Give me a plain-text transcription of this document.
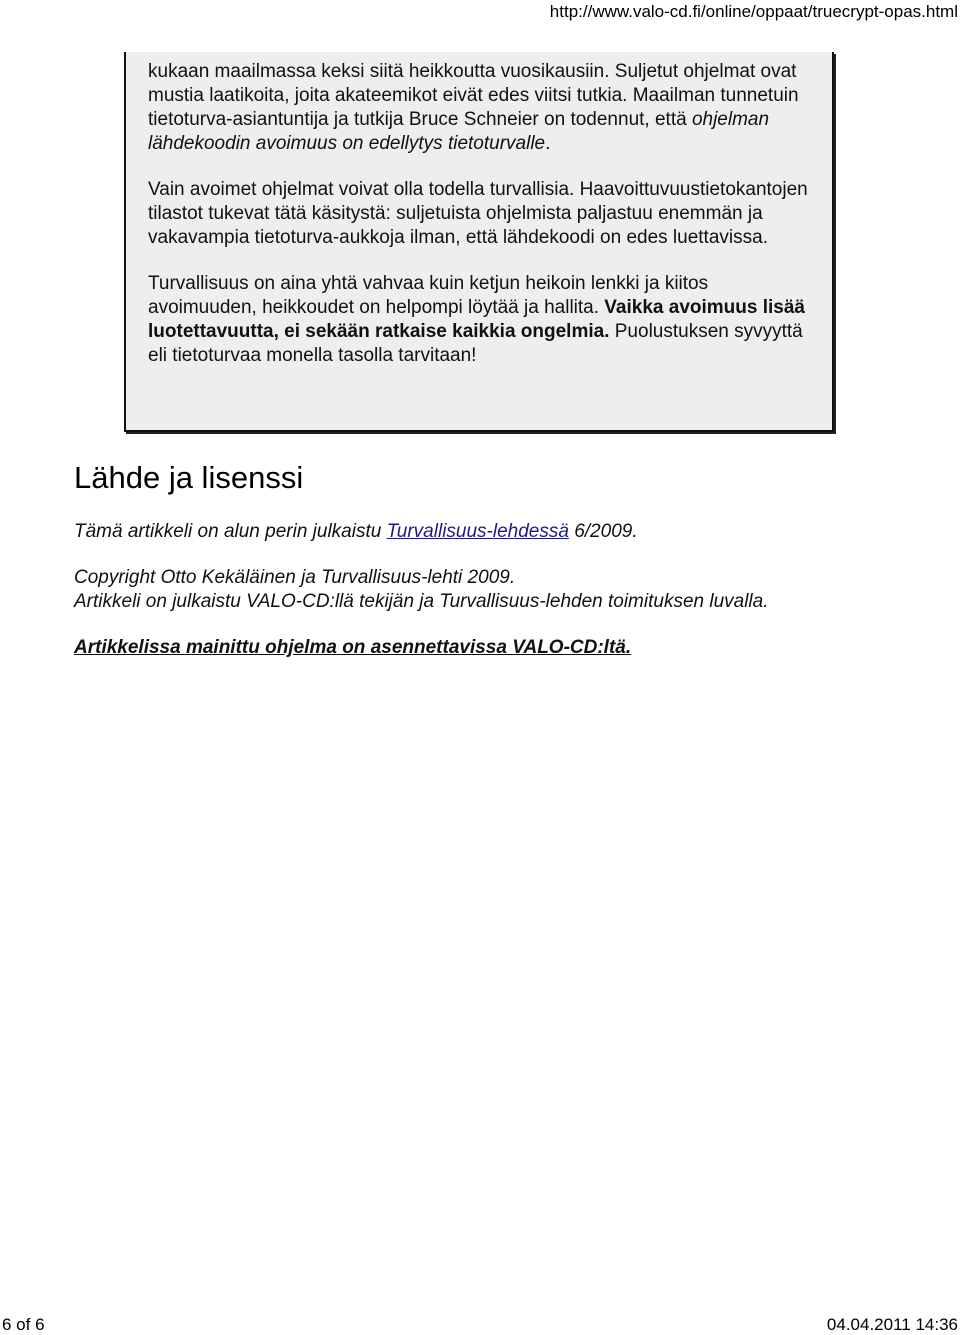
http://www.valo-cd.fi/online/oppaat/truecrypt-opas.html

kukaan maailmassa keksi siitä heikkoutta vuosikausiin. Suljetut ohjelmat ovat mustia laatikoita, joita akateemikot eivät edes viitsi tutkia. Maailman tunnetuin tietoturva-asiantuntija ja tutkija Bruce Schneier on todennut, että ohjelman lähdekoodin avoimuus on edellytys tietoturvalle.

Vain avoimet ohjelmat voivat olla todella turvallisia. Haavoittuvuustietokantojen tilastot tukevat tätä käsitystä: suljetuista ohjelmista paljastuu enemmän ja vakavampia tietoturva-aukkoja ilman, että lähdekoodi on edes luettavissa.

Turvallisuus on aina yhtä vahvaa kuin ketjun heikoin lenkki ja kiitos avoimuuden, heikkoudet on helpompi löytää ja hallita. Vaikka avoimuus lisää luotettavuutta, ei sekään ratkaise kaikkia ongelmia. Puolustuksen syvyyttä eli tietoturvaa monella tasolla tarvitaan!

Lähde ja lisenssi

Tämä artikkeli on alun perin julkaistu Turvallisuus-lehdessä 6/2009.

Copyright Otto Kekäläinen ja Turvallisuus-lehti 2009.
Artikkeli on julkaistu VALO-CD:llä tekijän ja Turvallisuus-lehden toimituksen luvalla.

Artikkelissa mainittu ohjelma on asennettavissa VALO-CD:ltä.

6 of 6	04.04.2011 14:36
